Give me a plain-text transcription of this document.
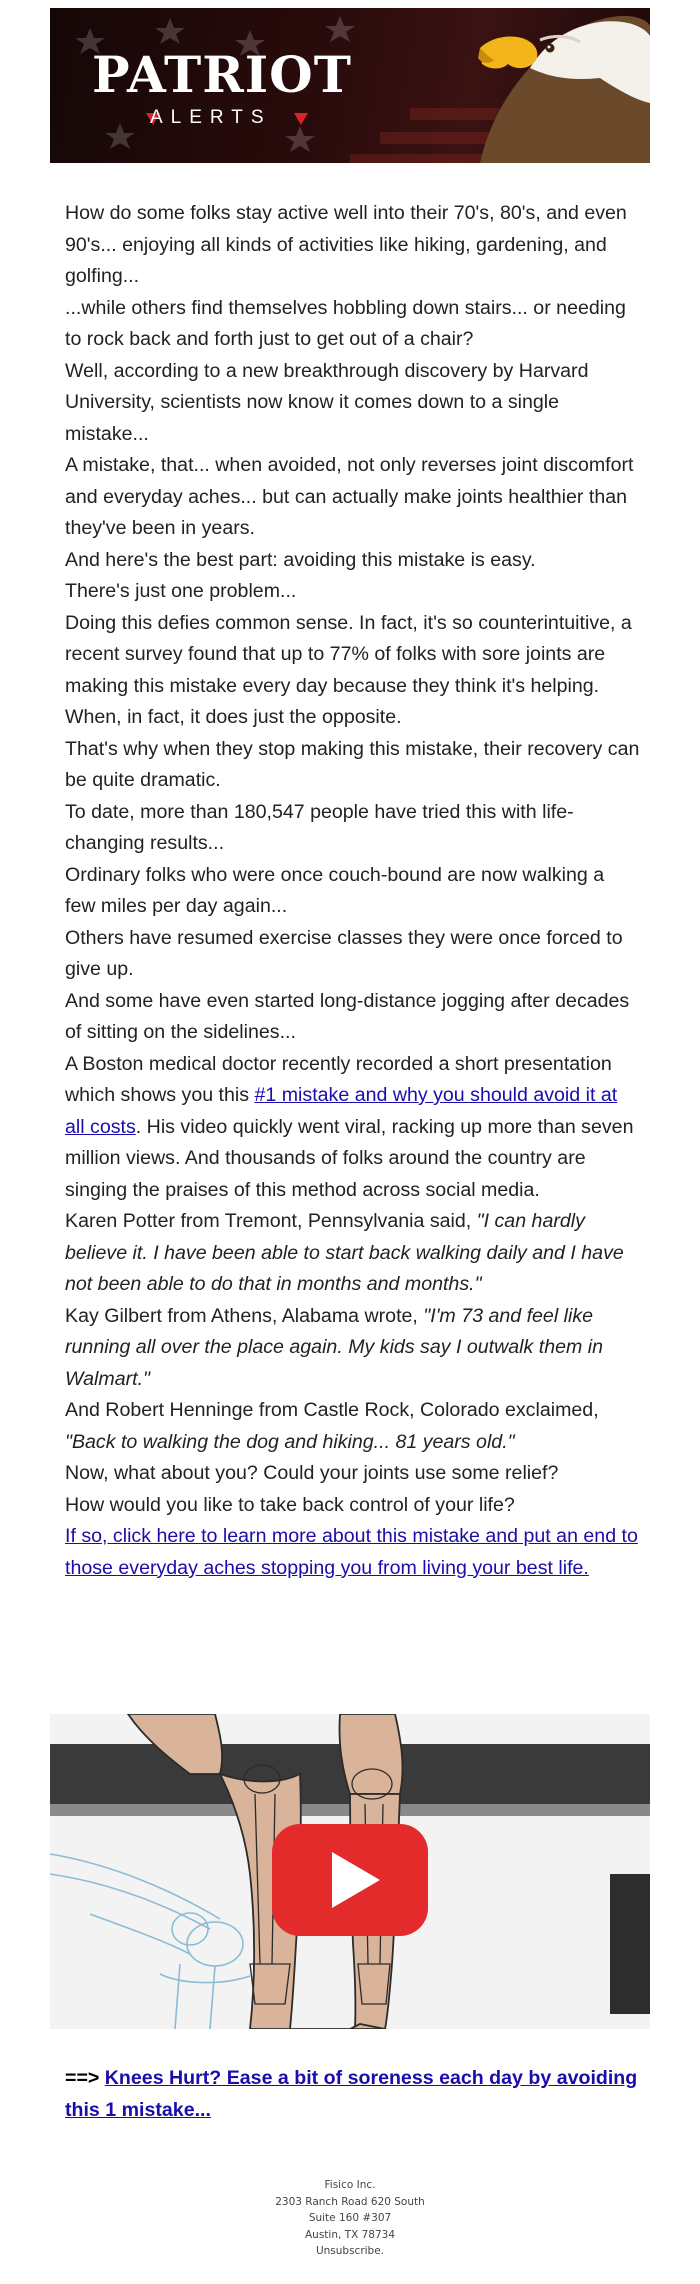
PATRIOT
ALERTS

How do some folks stay active well into their 70's, 80's, and even 90's... enjoying all kinds of activities like hiking, gardening, and golfing...

...while others find themselves hobbling down stairs... or needing to rock back and forth just to get out of a chair?

Well, according to a new breakthrough discovery by Harvard University, scientists now know it comes down to a single mistake...

A mistake, that... when avoided, not only reverses joint discomfort and everyday aches... but can actually make joints healthier than they've been in years.

And here's the best part: avoiding this mistake is easy.

There's just one problem...

Doing this defies common sense. In fact, it's so counterintuitive, a recent survey found that up to 77% of folks with sore joints are making this mistake every day because they think it's helping. When, in fact, it does just the opposite.

That's why when they stop making this mistake, their recovery can be quite dramatic.

To date, more than 180,547 people have tried this with life-changing results...

Ordinary folks who were once couch-bound are now walking a few miles per day again...

Others have resumed exercise classes they were once forced to give up.

And some have even started long-distance jogging after decades of sitting on the sidelines...

A Boston medical doctor recently recorded a short presentation which shows you this #1 mistake and why you should avoid it at all costs. His video quickly went viral, racking up more than seven million views. And thousands of folks around the country are singing the praises of this method across social media.

Karen Potter from Tremont, Pennsylvania said, "I can hardly believe it. I have been able to start back walking daily and I have not been able to do that in months and months."

Kay Gilbert from Athens, Alabama wrote, "I'm 73 and feel like running all over the place again. My kids say I outwalk them in Walmart."

And Robert Henninge from Castle Rock, Colorado exclaimed, "Back to walking the dog and hiking... 81 years old."

Now, what about you? Could your joints use some relief?

How would you like to take back control of your life?

If so, click here to learn more about this mistake and put an end to those everyday aches stopping you from living your best life.

==> Knees Hurt? Ease a bit of soreness each day by avoiding this 1 mistake...
Fisico Inc.
2303 Ranch Road 620 South
Suite 160 #307
Austin, TX 78734
Unsubscribe.
